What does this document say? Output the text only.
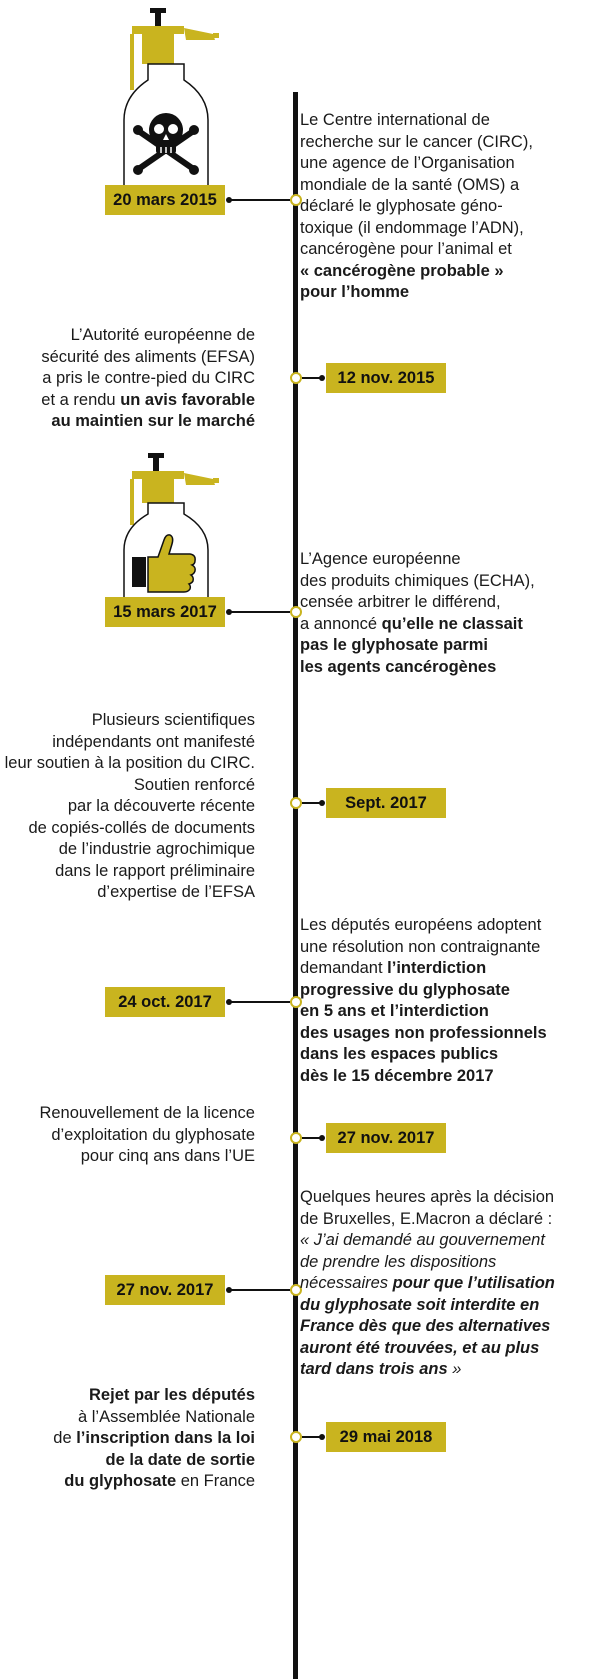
20 mars 2015
Le Centre international de
recherche sur le cancer (CIRC),
une agence de l’Organisation
mondiale de la santé (OMS) a
déclaré le glyphosate géno-
toxique (il endommage l’ADN),
cancérogène pour l’animal et
« cancérogène probable »
pour l’homme
12 nov. 2015
L’Autorité européenne de
sécurité des aliments (EFSA)
a pris le contre-pied du CIRC
et a rendu un avis favorable
au maintien sur le marché
15 mars 2017
L’Agence européenne
des produits chimiques (ECHA),
censée arbitrer le différend,
a annoncé qu’elle ne classait
pas le glyphosate parmi
les agents cancérogènes
Sept. 2017
Plusieurs scientifiques
indépendants ont manifesté
leur soutien à la position du CIRC.
Soutien renforcé
par la découverte récente
de copiés-collés de documents
de l’industrie agrochimique
dans le rapport préliminaire
d’expertise de l’EFSA
24 oct. 2017
Les députés européens adoptent
une résolution non contraignante
demandant l’interdiction
progressive du glyphosate
en 5 ans et l’interdiction
des usages non professionnels
dans les espaces publics
dès le 15 décembre 2017
27 nov. 2017
Renouvellement de la licence
d’exploitation du glyphosate
pour cinq ans dans l’UE
27 nov. 2017
Quelques heures après la décision
de Bruxelles, E.Macron a déclaré :
« J’ai demandé au gouvernement
de prendre les dispositions
nécessaires pour que l’utilisation
du glyphosate soit interdite en
France dès que des alternatives
auront été trouvées, et au plus
tard dans trois ans »
29 mai 2018
Rejet par les députés
à l’Assemblée Nationale
de l’inscription dans la loi
de la date de sortie
du glyphosate en France
